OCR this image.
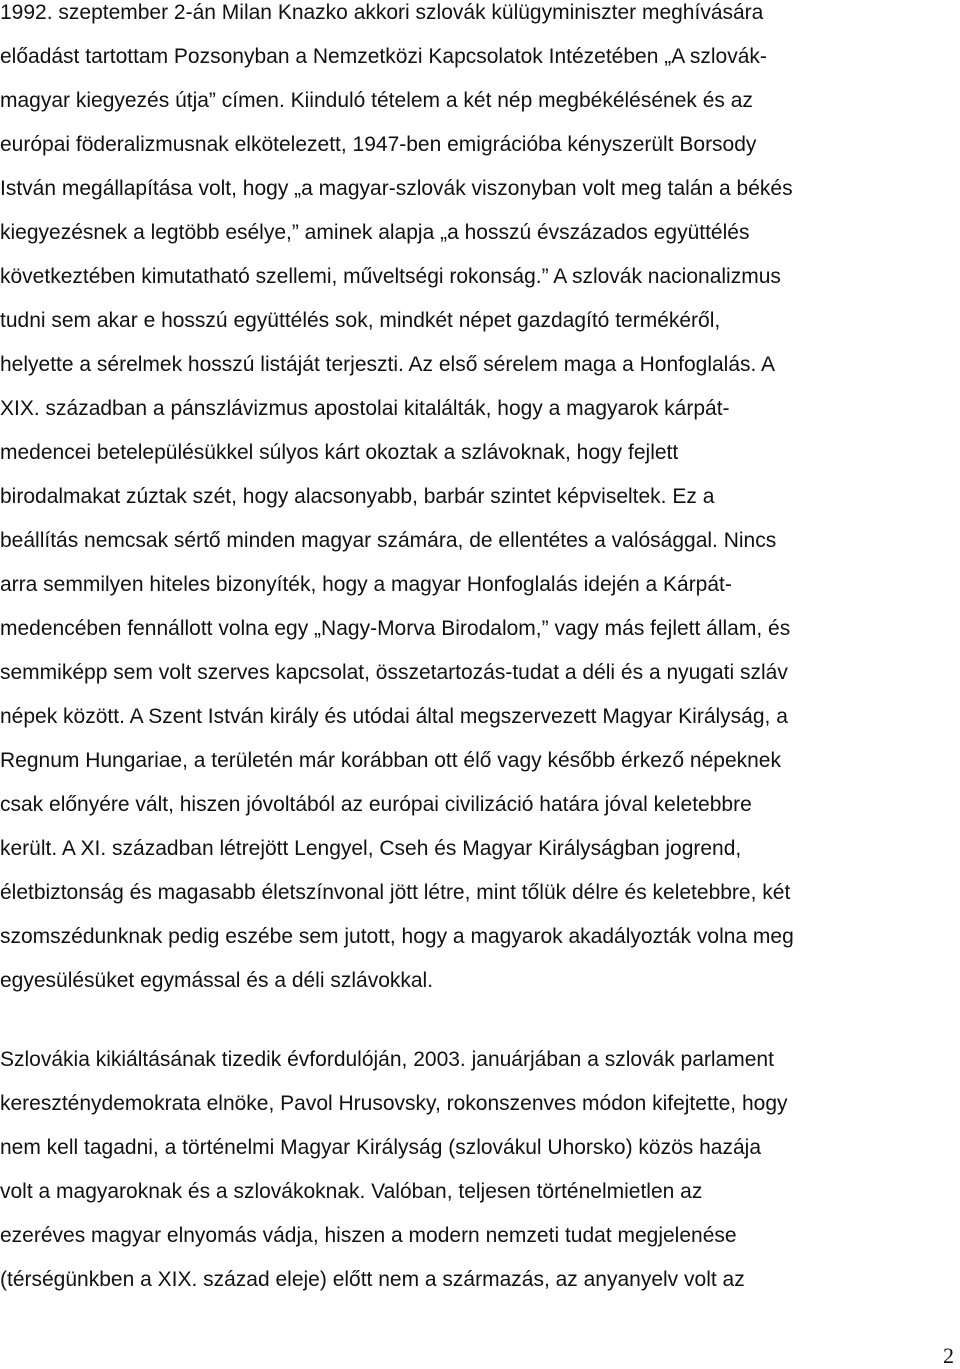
1992. szeptember 2-án Milan Knazko akkori szlovák külügyminiszter meghívására

előadást tartottam Pozsonyban a Nemzetközi Kapcsolatok Intézetében „A szlovák-

magyar kiegyezés útja” címen. Kiinduló tételem a két nép megbékélésének és az

európai föderalizmusnak elkötelezett, 1947-ben emigrációba kényszerült Borsody

István megállapítása volt, hogy „a magyar-szlovák viszonyban volt meg talán a békés

kiegyezésnek a legtöbb esélye,” aminek alapja „a hosszú évszázados együttélés

következtében kimutatható szellemi, műveltségi rokonság.” A szlovák nacionalizmus

tudni sem akar e hosszú együttélés sok, mindkét népet gazdagító termékéről,

helyette a sérelmek hosszú listáját terjeszti. Az első sérelem maga a Honfoglalás. A

XIX. században a pánszlávizmus apostolai kitalálták, hogy a magyarok kárpát-

medencei betelepülésükkel súlyos kárt okoztak a szlávoknak, hogy fejlett

birodalmakat zúztak szét, hogy alacsonyabb, barbár szintet képviseltek. Ez a

beállítás nemcsak sértő minden magyar számára, de ellentétes a valósággal. Nincs

arra semmilyen hiteles bizonyíték, hogy a magyar Honfoglalás idején a Kárpát-

medencében fennállott volna egy „Nagy-Morva Birodalom,” vagy más fejlett állam, és

semmiképp sem volt szerves kapcsolat, összetartozás-tudat a déli és a nyugati szláv

népek között. A Szent István király és utódai által megszervezett Magyar Királyság, a

Regnum Hungariae, a területén már korábban ott élő vagy később érkező népeknek

csak előnyére vált, hiszen jóvoltából az európai civilizáció határa jóval keletebbre

került. A XI. században létrejött Lengyel, Cseh és Magyar Királyságban jogrend,

életbiztonság és magasabb életszínvonal jött létre, mint tőlük délre és keletebbre, két

szomszédunknak pedig eszébe sem jutott, hogy a magyarok akadályozták volna meg

egyesülésüket egymással és a déli szlávokkal.

Szlovákia kikiáltásának tizedik évfordulóján, 2003. januárjában a szlovák parlament

kereszténydemokrata elnöke, Pavol Hrusovsky, rokonszenves módon kifejtette, hogy

nem kell tagadni, a történelmi Magyar Királyság (szlovákul Uhorsko) közös hazája

volt a magyaroknak és a szlovákoknak. Valóban, teljesen történelmietlen az

ezeréves magyar elnyomás vádja, hiszen a modern nemzeti tudat megjelenése

(térségünkben a XIX. század eleje) előtt nem a származás, az anyanyelv volt az

2
